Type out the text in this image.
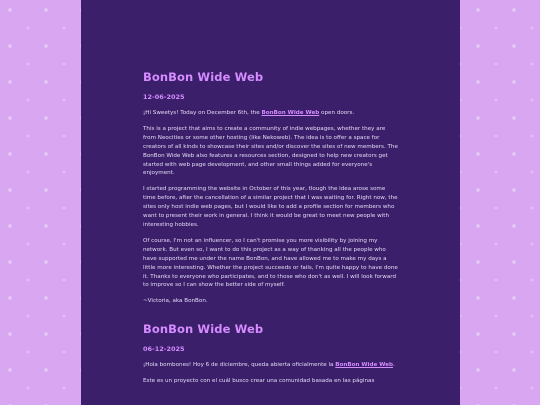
BonBon Wide Web
12-06-2025

¡Hi Sweetys! Today on December 6th, the BonBon Wide Web open doors.

This is a project that aims to create a community of indie webpages, whether they are from Neocities or some other hosting (like Nekoweb). The idea is to offer a space for creators of all kinds to showcase their sites and/or discover the sites of new members. The BonBon Wide Web also features a resources section, designed to help new creators get started with web page development, and other small things added for everyone's enjoyment.

I started programming the website in October of this year, tlough the idea arose some time before, after the cancellation of a similar project that I was waiting for. Right now, the sites only host indie web pages, but I would like to add a profile section for members who want to present their work in general. I think it would be great to meet new people with interesting hobbies.

Of course, I'm not an influencer, so I can't promise you more visibility by joining my network. But even so, I want to do this project as a way of thanking all the people who have supported me under the name BonBon, and have allowed me to make my days a little more interesting. Whether the project succeeds or fails, I'm quite happy to have done it. Thanks to everyone who participates, and to those who don't as well. I will look forward to improve so I can show the better side of myself.

~Victoria, aka BonBon.

BonBon Wide Web
06-12-2025

¡Hola bombones! Hoy 6 de diciembre, queda abierta oficialmente la BonBon Wide Web.

Este es un proyecto con el cuál busco crear una comunidad basada en las páginas
